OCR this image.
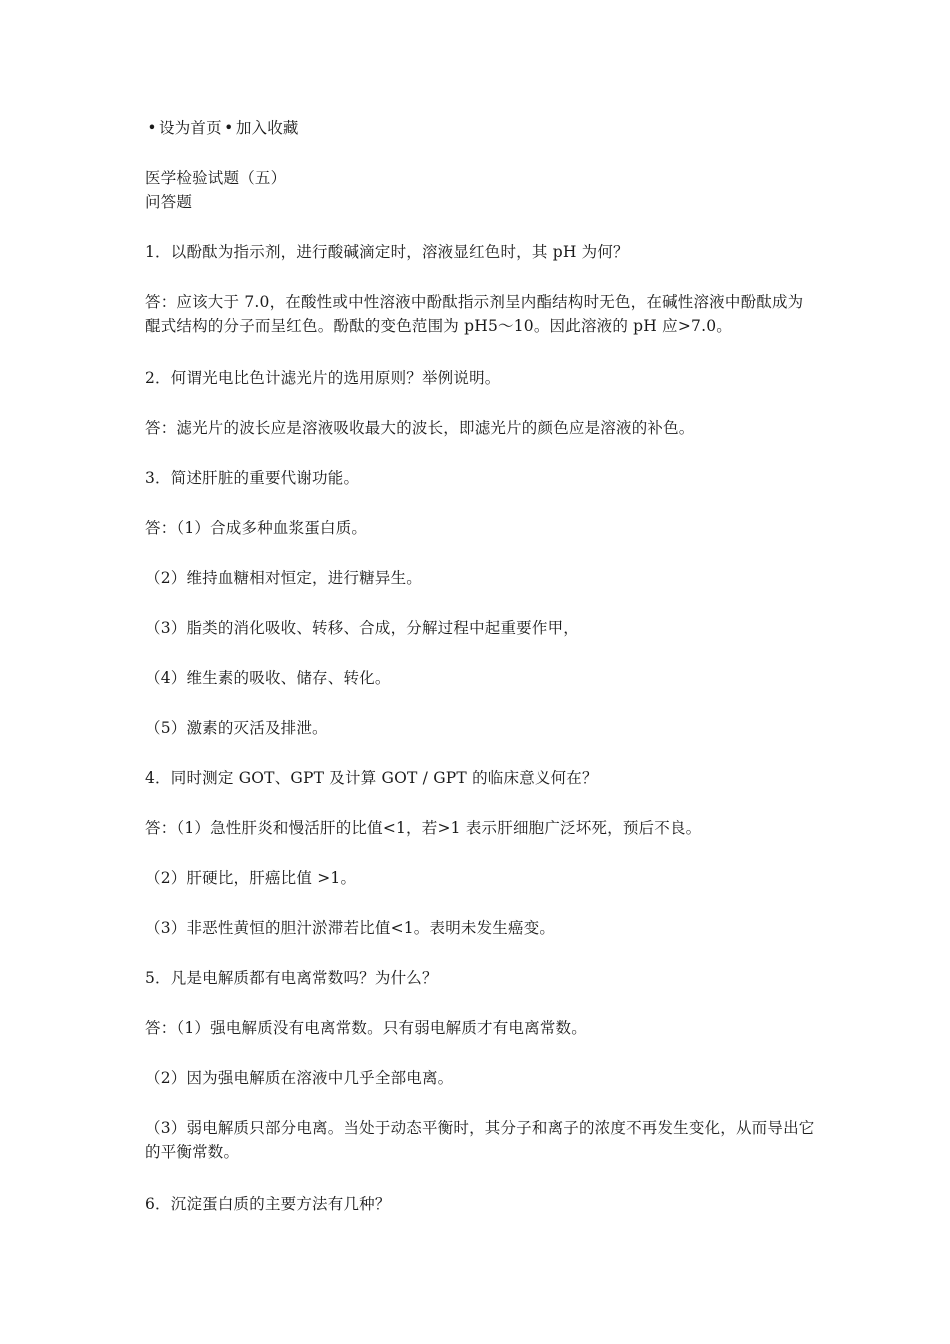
• 设为首页 • 加入收藏
医学检验试题（五）
问答题
1．以酚酞为指示剂，进行酸碱滴定时，溶液显红色时，其 pH 为何？
答：应该大于 7.0，在酸性或中性溶液中酚酞指示剂呈内酯结构时无色，在碱性溶液中酚酞成为醌式结构的分子而呈红色。酚酞的变色范围为 pH5～10。因此溶液的 pH 应>7.0。
2．何谓光电比色计滤光片的选用原则？举例说明。
答：滤光片的波长应是溶液吸收最大的波长，即滤光片的颜色应是溶液的补色。
3．简述肝脏的重要代谢功能。
答：（1）合成多种血浆蛋白质。
（2）维持血糖相对恒定，进行糖异生。
（3）脂类的消化吸收、转移、合成，分解过程中起重要作甲，
（4）维生素的吸收、储存、转化。
（5）激素的灭活及排泄。
4．同时测定 GOT、GPT 及计算 GOT / GPT 的临床意义何在？
答：（1）急性肝炎和慢活肝的比值<1，若>1 表示肝细胞广泛坏死，预后不良。
（2）肝硬比，肝癌比值 >1。
（3）非恶性黄恒的胆汁淤滞若比值<1。表明未发生癌变。
5．凡是电解质都有电离常数吗？为什么？
答：（1）强电解质没有电离常数。只有弱电解质才有电离常数。
（2）因为强电解质在溶液中几乎全部电离。
（3）弱电解质只部分电离。当处于动态平衡时，其分子和离子的浓度不再发生变化，从而导出它的平衡常数。
6．沉淀蛋白质的主要方法有几种？
